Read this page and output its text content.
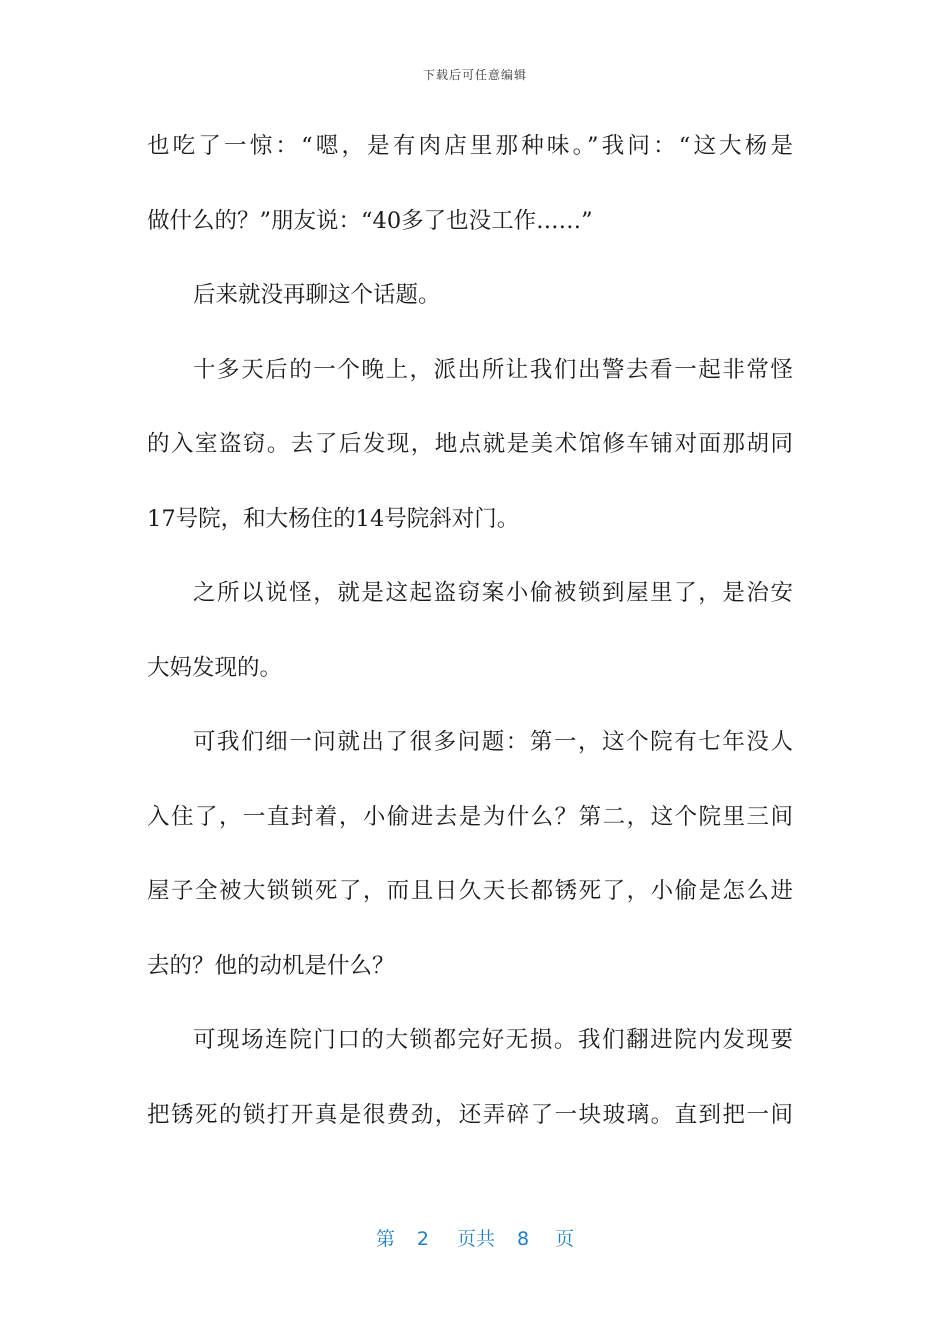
下载后可任意编辑
也吃了一惊：“嗯，是有肉店里那种味。”我问：“这大杨是
做什么的？”朋友说：“40多了也没工作……”
后来就没再聊这个话题。
十多天后的一个晚上，派出所让我们出警去看一起非常怪
的入室盗窃。去了后发现，地点就是美术馆修车铺对面那胡同
17号院，和大杨住的14号院斜对门。
之所以说怪，就是这起盗窃案小偷被锁到屋里了，是治安
大妈发现的。
可我们细一问就出了很多问题：第一，这个院有七年没人
入住了，一直封着，小偷进去是为什么？第二，这个院里三间
屋子全被大锁锁死了，而且日久天长都锈死了，小偷是怎么进
去的？他的动机是什么？
可现场连院门口的大锁都完好无损。我们翻进院内发现要
把锈死的锁打开真是很费劲，还弄碎了一块玻璃。直到把一间
第 2 页共 8 页
